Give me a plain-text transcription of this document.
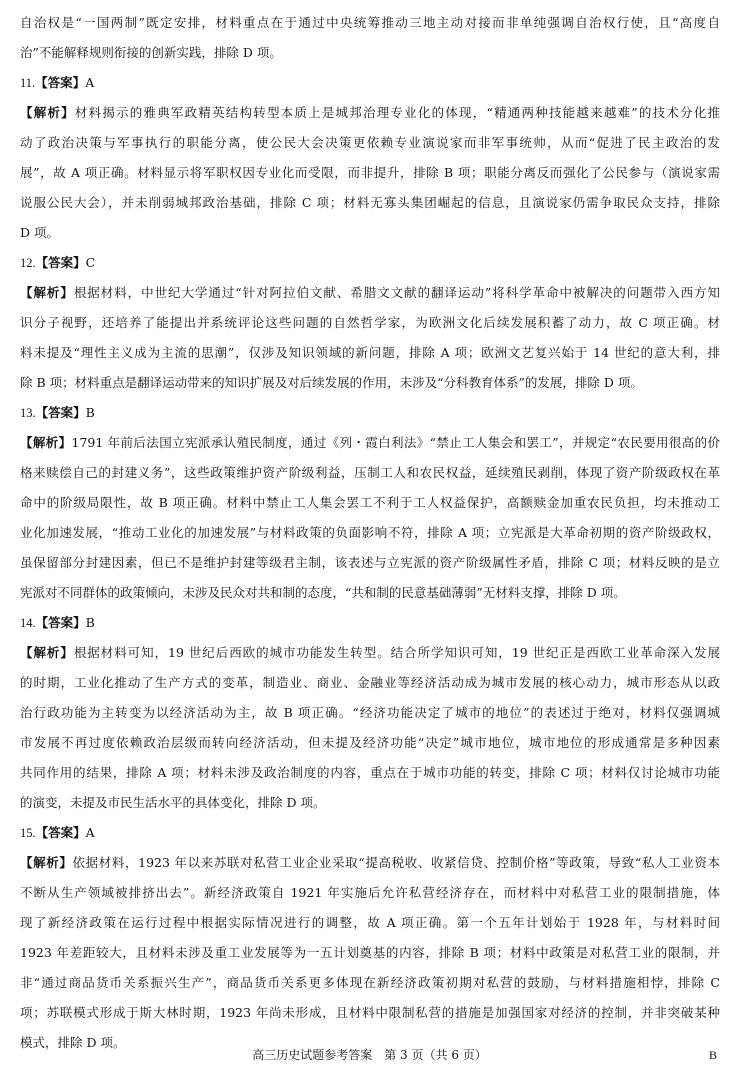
自治权是“一国两制”既定安排，材料重点在于通过中央统筹推动三地主动对接而非单纯强调自治权行使，且“高度自
治”不能解释规则衔接的创新实践，排除 D 项。
11.【答案】A
【解析】材料揭示的雅典军政精英结构转型本质上是城邦治理专业化的体现，“精通两种技能越来越难”的技术分化推
动了政治决策与军事执行的职能分离，使公民大会决策更依赖专业演说家而非军事统帅，从而“促进了民主政治的发
展”，故 A 项正确。材料显示将军职权因专业化而受限，而非提升，排除 B 项；职能分离反而强化了公民参与（演说家需
说服公民大会），并未削弱城邦政治基础，排除 C 项；材料无寡头集团崛起的信息，且演说家仍需争取民众支持，排除
D 项。
12.【答案】C
【解析】根据材料，中世纪大学通过“针对阿拉伯文献、希腊文文献的翻译运动”将科学革命中被解决的问题带入西方知
识分子视野，还培养了能提出并系统评论这些问题的自然哲学家，为欧洲文化后续发展积蓄了动力，故 C 项正确。材
料未提及“理性主义成为主流的思潮”，仅涉及知识领域的新问题，排除 A 项；欧洲文艺复兴始于 14 世纪的意大利，排
除 B 项；材料重点是翻译运动带来的知识扩展及对后续发展的作用，未涉及“分科教育体系”的发展，排除 D 项。
13.【答案】B
【解析】1791 年前后法国立宪派承认殖民制度，通过《列・霞白利法》“禁止工人集会和罢工”，并规定“农民要用很高的价
格来赎偿自己的封建义务”，这些政策维护资产阶级利益，压制工人和农民权益，延续殖民剥削，体现了资产阶级政权在革
命中的阶级局限性，故 B 项正确。材料中禁止工人集会罢工不利于工人权益保护，高额赎金加重农民负担，均未推动工
业化加速发展，“推动工业化的加速发展”与材料政策的负面影响不符，排除 A 项；立宪派是大革命初期的资产阶级政权，
虽保留部分封建因素，但已不是维护封建等级君主制，该表述与立宪派的资产阶级属性矛盾，排除 C 项；材料反映的是立
宪派对不同群体的政策倾向，未涉及民众对共和制的态度，“共和制的民意基础薄弱”无材料支撑，排除 D 项。
14.【答案】B
【解析】根据材料可知，19 世纪后西欧的城市功能发生转型。结合所学知识可知，19 世纪正是西欧工业革命深入发展
的时期，工业化推动了生产方式的变革，制造业、商业、金融业等经济活动成为城市发展的核心动力，城市形态从以政
治行政功能为主转变为以经济活动为主，故 B 项正确。“经济功能决定了城市的地位”的表述过于绝对，材料仅强调城
市发展不再过度依赖政治层级而转向经济活动，但未提及经济功能“决定”城市地位，城市地位的形成通常是多种因素
共同作用的结果，排除 A 项；材料未涉及政治制度的内容，重点在于城市功能的转变，排除 C 项；材料仅讨论城市功能
的演变，未提及市民生活水平的具体变化，排除 D 项。
15.【答案】A
【解析】依据材料，1923 年以来苏联对私营工业企业采取“提高税收、收紧信贷、控制价格”等政策，导致“私人工业资本
不断从生产领域被排挤出去”。新经济政策自 1921 年实施后允许私营经济存在，而材料中对私营工业的限制措施，体
现了新经济政策在运行过程中根据实际情况进行的调整，故 A 项正确。第一个五年计划始于 1928 年，与材料时间
1923 年差距较大，且材料未涉及重工业发展等为一五计划奠基的内容，排除 B 项；材料中政策是对私营工业的限制，并
非“通过商品货币关系振兴生产”，商品货币关系更多体现在新经济政策初期对私营的鼓励，与材料措施相悖，排除 C
项；苏联模式形成于斯大林时期，1923 年尚未形成，且材料中限制私营的措施是加强国家对经济的控制，并非突破某种
模式，排除 D 项。
高三历史试题参考答案　第 3 页（共 6 页）	B
